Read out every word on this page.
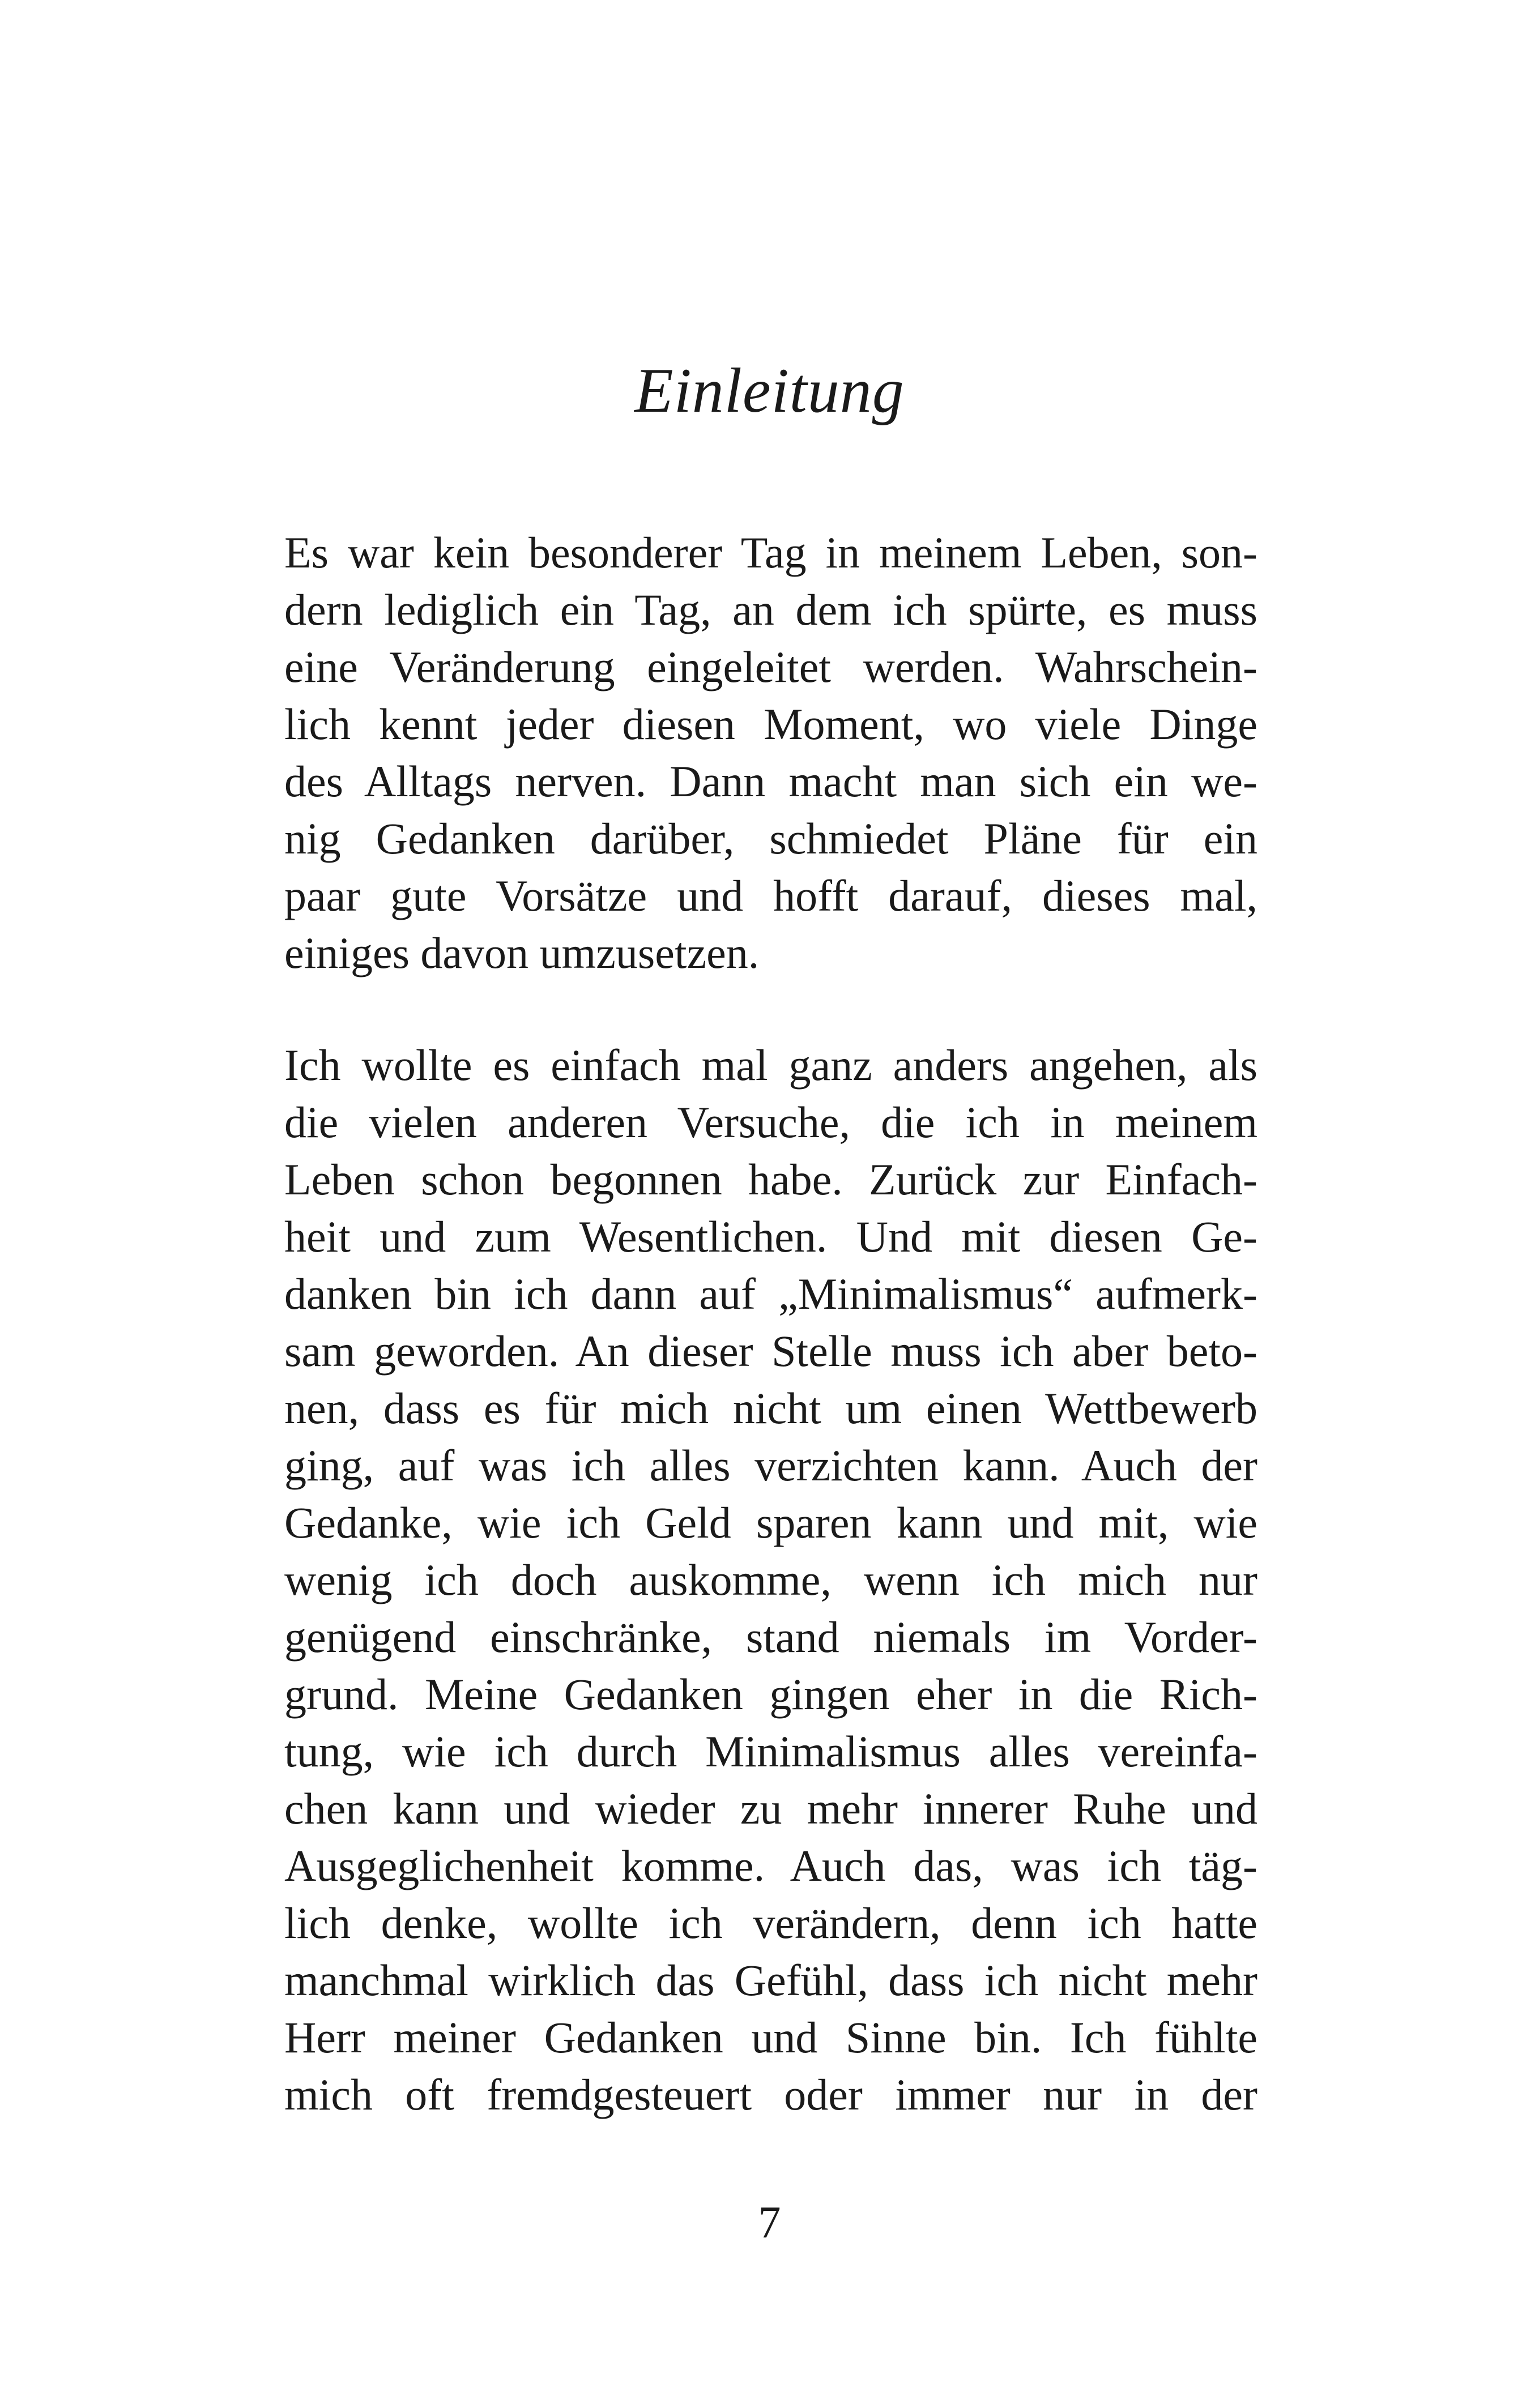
Einleitung
Es war kein besonderer Tag in meinem Leben, son-
dern lediglich ein Tag, an dem ich spürte, es muss
eine Veränderung eingeleitet werden. Wahrschein-
lich kennt jeder diesen Moment, wo viele Dinge
des Alltags nerven. Dann macht man sich ein we-
nig Gedanken darüber, schmiedet Pläne für ein
paar gute Vorsätze und hofft darauf, dieses mal,
einiges davon umzusetzen.
Ich wollte es einfach mal ganz anders angehen, als
die vielen anderen Versuche, die ich in meinem
Leben schon begonnen habe. Zurück zur Einfach-
heit und zum Wesentlichen. Und mit diesen Ge-
danken bin ich dann auf „Minimalismus“ aufmerk-
sam geworden. An dieser Stelle muss ich aber beto-
nen, dass es für mich nicht um einen Wettbewerb
ging, auf was ich alles verzichten kann. Auch der
Gedanke, wie ich Geld sparen kann und mit, wie
wenig ich doch auskomme, wenn ich mich nur
genügend einschränke, stand niemals im Vorder-
grund. Meine Gedanken gingen eher in die Rich-
tung, wie ich durch Minimalismus alles vereinfa-
chen kann und wieder zu mehr innerer Ruhe und
Ausgeglichenheit komme. Auch das, was ich täg-
lich denke, wollte ich verändern, denn ich hatte
manchmal wirklich das Gefühl, dass ich nicht mehr
Herr meiner Gedanken und Sinne bin. Ich fühlte
mich oft fremdgesteuert oder immer nur in der
7
